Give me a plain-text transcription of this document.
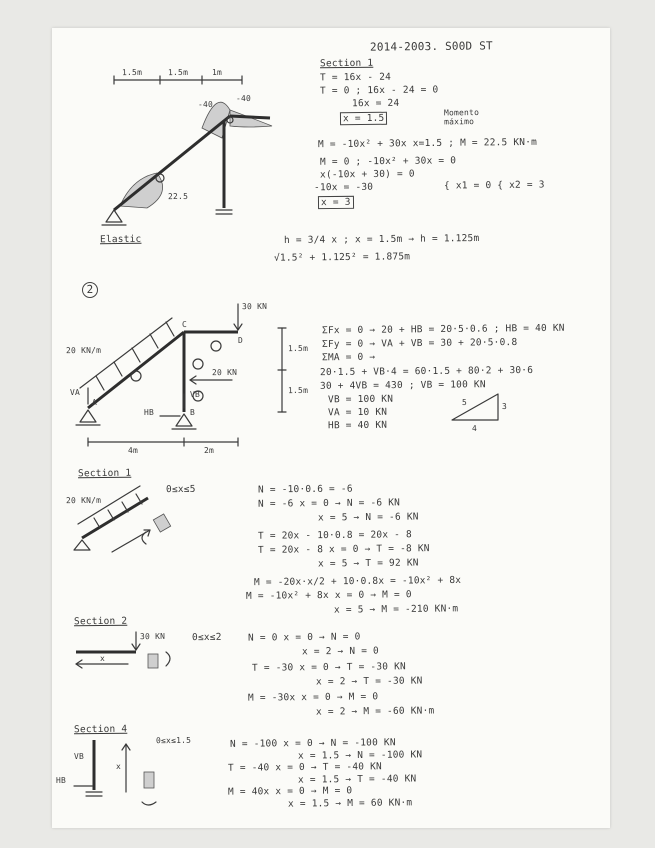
2014-2003. S00D ST
1.5m	1.5m	1m
-40
-40
22.5
Elastic
Section 1
T = 16x - 24
T = 0 ; 16x - 24 = 0
16x = 24
x = 1.5
Momento máximo
M = -10x² + 30x x=1.5 ; M = 22.5 KN·m
M = 0 ; -10x² + 30x = 0
x(-10x + 30) = 0
-10x = -30
x = 3
{ x1 = 0 { x2 = 3
h = 3/4 x ; x = 1.5m → h = 1.125m
√1.5² + 1.125² = 1.875m
2
30 KN
20 KN/m
20 KN
A
B
C
D
VA	VB
HB
4m	2m
1.5m
1.5m
5	3
4
ΣFx = 0 → 20 + HB = 20·5·0.6 ; HB = 40 KN
ΣFy = 0 → VA + VB = 30 + 20·5·0.8
ΣMA = 0 →
20·1.5 + VB·4 = 60·1.5 + 80·2 + 30·6
30 + 4VB = 430 ; VB = 100 KN
VB = 100 KN
VA = 10 KN
HB = 40 KN
Section 1
0≤x≤5
20 KN/m
N = -10·0.6 = -6
N = -6 x = 0 → N = -6 KN
x = 5 → N = -6 KN
T = 20x - 10·0.8 = 20x - 8
T = 20x - 8 x = 0 → T = -8 KN
x = 5 → T = 92 KN
M = -20x·x/2 + 10·0.8x = -10x² + 8x
M = -10x² + 8x x = 0 → M = 0
x = 5 → M = -210 KN·m
Section 2
30 KN	0≤x≤2
x
N = 0 x = 0 → N = 0
x = 2 → N = 0
T = -30 x = 0 → T = -30 KN
x = 2 → T = -30 KN
M = -30x x = 0 → M = 0
x = 2 → M = -60 KN·m
Section 4
0≤x≤1.5
VB
HB
x
N = -100 x = 0 → N = -100 KN
x = 1.5 → N = -100 KN
T = -40 x = 0 → T = -40 KN
x = 1.5 → T = -40 KN
M = 40x x = 0 → M = 0
x = 1.5 → M = 60 KN·m
